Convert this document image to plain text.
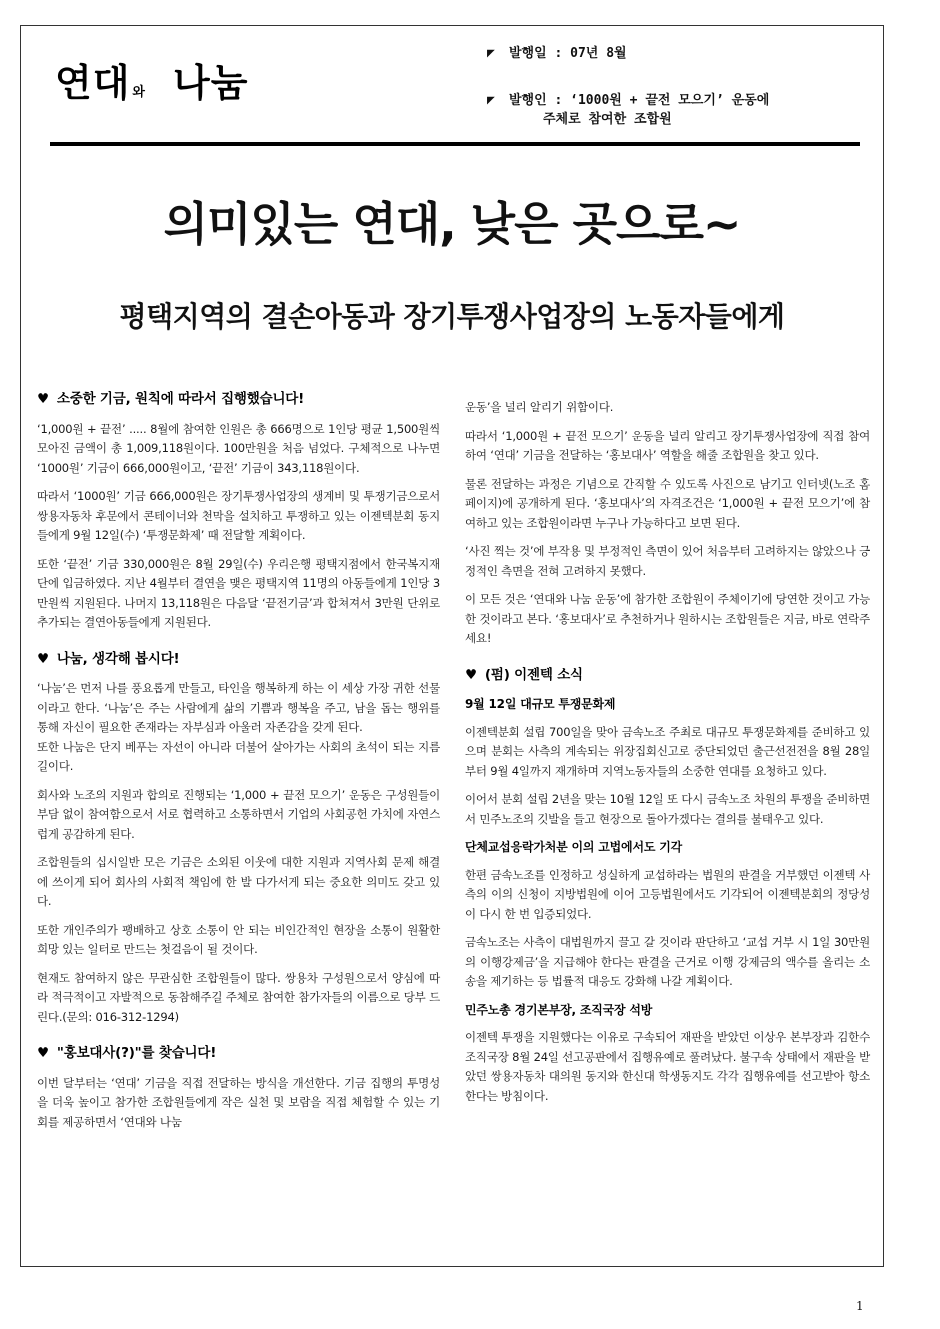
연대 와 나눔
◤ 발행일 : 07년 8월
◤ 발행인 : ‘1000원 + 끝전 모으기’ 운동에
주체로 참여한 조합원
의미있는 연대, 낮은 곳으로~
평택지역의 결손아동과 장기투쟁사업장의 노동자들에게
♥ 소중한 기금, 원칙에 따라서 집행했습니다!

‘1,000원 + 끝전’ ..... 8월에 참여한 인원은 총 666명으로 1인당 평균 1,500원씩 모아진 금액이 총 1,009,118원이다. 100만원을 처음 넘었다. 구체적으로 나누면 ‘1000원’ 기금이 666,000원이고, ‘끝전’ 기금이 343,118원이다.

따라서 ‘1000원’ 기금 666,000원은 장기투쟁사업장의 생계비 및 투쟁기금으로서 쌍용자동차 후문에서 콘테이너와 천막을 설치하고 투쟁하고 있는 이젠텍분회 동지들에게 9월 12일(수) ‘투쟁문화제’ 때 전달할 계획이다.

또한 ‘끝전’ 기금 330,000원은 8월 29일(수) 우리은행 평택지점에서 한국복지재단에 입금하였다. 지난 4월부터 결연을 맺은 평택지역 11명의 아동들에게 1인당 3만원씩 지원된다. 나머지 13,118원은 다음달 ‘끝전기금’과 합쳐져서 3만원 단위로 추가되는 결연아동들에게 지원된다.

♥ 나눔, 생각해 봅시다!

‘나눔’은 먼저 나를 풍요롭게 만들고, 타인을 행복하게 하는 이 세상 가장 귀한 선물이라고 한다. ‘나눔’은 주는 사람에게 삶의 기쁨과 행복을 주고, 남을 돕는 행위를 통해 자신이 필요한 존재라는 자부심과 아울러 자존감을 갖게 된다.

또한 나눔은 단지 베푸는 자선이 아니라 더불어 살아가는 사회의 초석이 되는 지름길이다.

회사와 노조의 지원과 합의로 진행되는 ‘1,000 + 끝전 모으기’ 운동은 구성원들이 부담 없이 참여함으로서 서로 협력하고 소통하면서 기업의 사회공헌 가치에 자연스럽게 공감하게 된다.

조합원들의 십시일반 모은 기금은 소외된 이웃에 대한 지원과 지역사회 문제 해결에 쓰이게 되어 회사의 사회적 책임에 한 발 다가서게 되는 중요한 의미도 갖고 있다.

또한 개인주의가 팽배하고 상호 소통이 안 되는 비인간적인 현장을 소통이 원활한 희망 있는 일터로 만드는 첫걸음이 될 것이다.

현재도 참여하지 않은 무관심한 조합원들이 많다. 쌍용차 구성원으로서 양심에 따라 적극적이고 자발적으로 동참해주길 주체로 참여한 참가자들의 이름으로 당부 드린다.(문의: 016-312-1294)

♥ "홍보대사(?)"를 찾습니다!

이번 달부터는 ‘연대’ 기금을 직접 전달하는 방식을 개선한다. 기금 집행의 투명성을 더욱 높이고 참가한 조합원들에게 작은 실천 및 보람을 직접 체험할 수 있는 기회를 제공하면서 ‘연대와 나눔

운동’을 널리 알리기 위함이다.

따라서 ‘1,000원 + 끝전 모으기’ 운동을 널리 알리고 장기투쟁사업장에 직접 참여하여 ‘연대’ 기금을 전달하는 ‘홍보대사’ 역할을 해줄 조합원을 찾고 있다.

물론 전달하는 과정은 기념으로 간직할 수 있도록 사진으로 남기고 인터넷(노조 홈페이지)에 공개하게 된다. ‘홍보대사’의 자격조건은 ‘1,000원 + 끝전 모으기’에 참여하고 있는 조합원이라면 누구나 가능하다고 보면 된다.

‘사진 찍는 것’에 부작용 및 부정적인 측면이 있어 처음부터 고려하지는 않았으나 긍정적인 측면을 전혀 고려하지 못했다.

이 모든 것은 ‘연대와 나눔 운동’에 참가한 조합원이 주체이기에 당연한 것이고 가능한 것이라고 본다. ‘홍보대사’로 추천하거나 원하시는 조합원들은 지금, 바로 연락주세요!

♥ (펌) 이젠텍 소식
9월 12일 대규모 투쟁문화제

이젠텍분회 설립 700일을 맞아 금속노조 주최로 대규모 투쟁문화제를 준비하고 있으며 분회는 사측의 계속되는 위장집회신고로 중단되었던 출근선전전을 8월 28일부터 9월 4일까지 재개하며 지역노동자들의 소중한 연대를 요청하고 있다.

이어서 분회 설립 2년을 맞는 10월 12일 또 다시 금속노조 차원의 투쟁을 준비하면서 민주노조의 깃발을 들고 현장으로 돌아가겠다는 결의를 불태우고 있다.

단체교섭응락가처분 이의 고법에서도 기각

한편 금속노조를 인정하고 성실하게 교섭하라는 법원의 판결을 거부했던 이젠텍 사측의 이의 신청이 지방법원에 이어 고등법원에서도 기각되어 이젠텍분회의 정당성이 다시 한 번 입증되었다.

금속노조는 사측이 대법원까지 끌고 갈 것이라 판단하고 ‘교섭 거부 시 1일 30만원의 이행강제금’을 지급해야 한다는 판결을 근거로 이행 강제금의 액수를 올리는 소송을 제기하는 등 법률적 대응도 강화해 나갈 계획이다.

민주노총 경기본부장, 조직국장 석방

이젠텍 투쟁을 지원했다는 이유로 구속되어 재판을 받았던 이상우 본부장과 김한수 조직국장 8월 24일 선고공판에서 집행유예로 풀려났다. 불구속 상태에서 재판을 받았던 쌍용자동차 대의원 동지와 한신대 학생동지도 각각 집행유예를 선고받아 항소한다는 방침이다.

1
